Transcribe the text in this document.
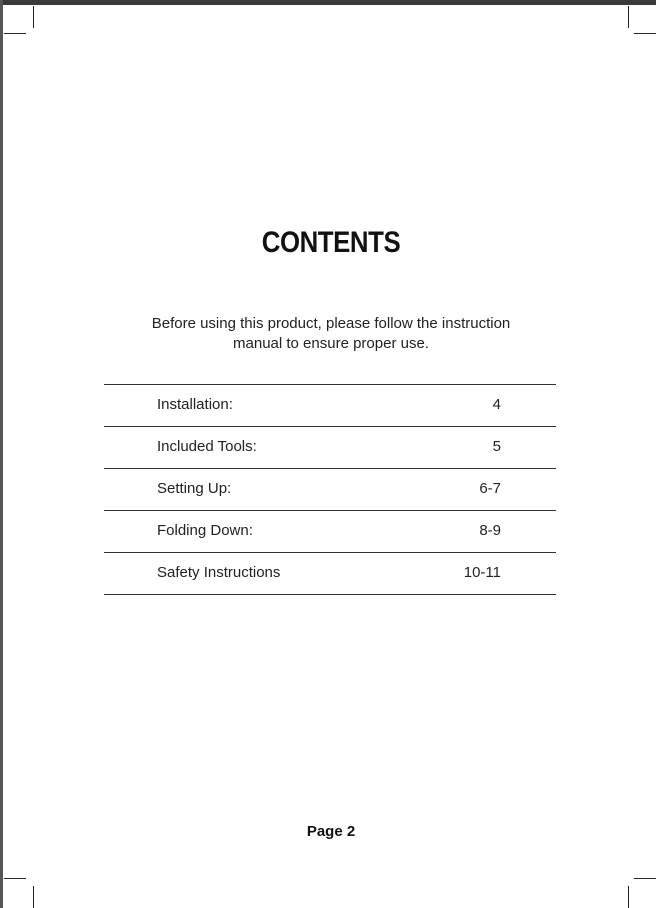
CONTENTS
Before using this product, please follow the instruction
manual to ensure proper use.
Installation:	4
Included Tools:	5
Setting Up:	6-7
Folding Down:	8-9
Safety Instructions	10-11
Page 2
